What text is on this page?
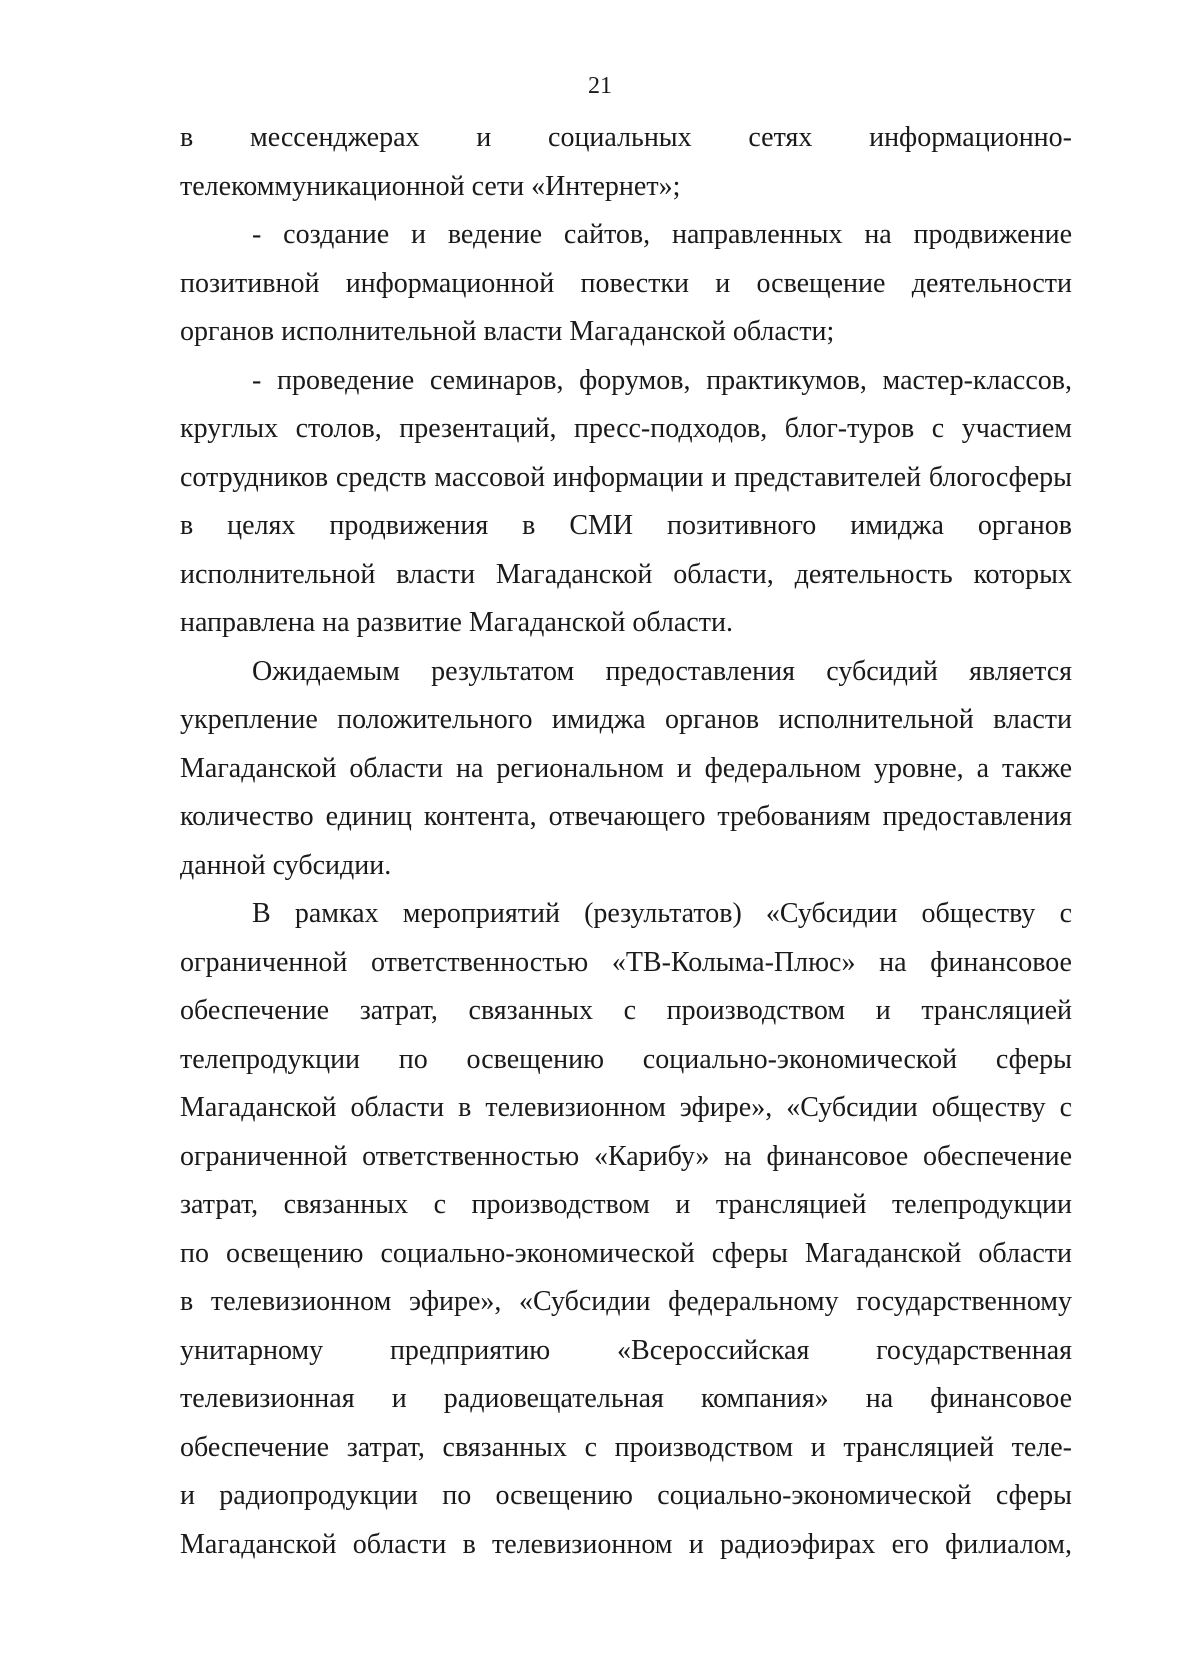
21
в мессенджерах и социальных сетях информационно-
телекоммуникационной сети «Интернет»;
- создание и ведение сайтов, направленных на продвижение
позитивной информационной повестки и освещение деятельности
органов исполнительной власти Магаданской области;
- проведение семинаров, форумов, практикумов, мастер-классов,
круглых столов, презентаций, пресс-подходов, блог-туров с участием
сотрудников средств массовой информации и представителей блогосферы
в целях продвижения в СМИ позитивного имиджа органов
исполнительной власти Магаданской области, деятельность которых
направлена на развитие Магаданской области.
Ожидаемым результатом предоставления субсидий является
укрепление положительного имиджа органов исполнительной власти
Магаданской области на региональном и федеральном уровне, а также
количество единиц контента, отвечающего требованиям предоставления
данной субсидии.
В рамках мероприятий (результатов) «Субсидии обществу с
ограниченной ответственностью «ТВ-Колыма-Плюс» на финансовое
обеспечение затрат, связанных с производством и трансляцией
телепродукции по освещению социально-экономической сферы
Магаданской области в телевизионном эфире», «Субсидии обществу с
ограниченной ответственностью «Карибу» на финансовое обеспечение
затрат, связанных с производством и трансляцией телепродукции
по освещению социально-экономической сферы Магаданской области
в телевизионном эфире», «Субсидии федеральному государственному
унитарному предприятию «Всероссийская государственная
телевизионная и радиовещательная компания» на финансовое
обеспечение затрат, связанных с производством и трансляцией теле-
и радиопродукции по освещению социально-экономической сферы
Магаданской области в телевизионном и радиоэфирах его филиалом,
